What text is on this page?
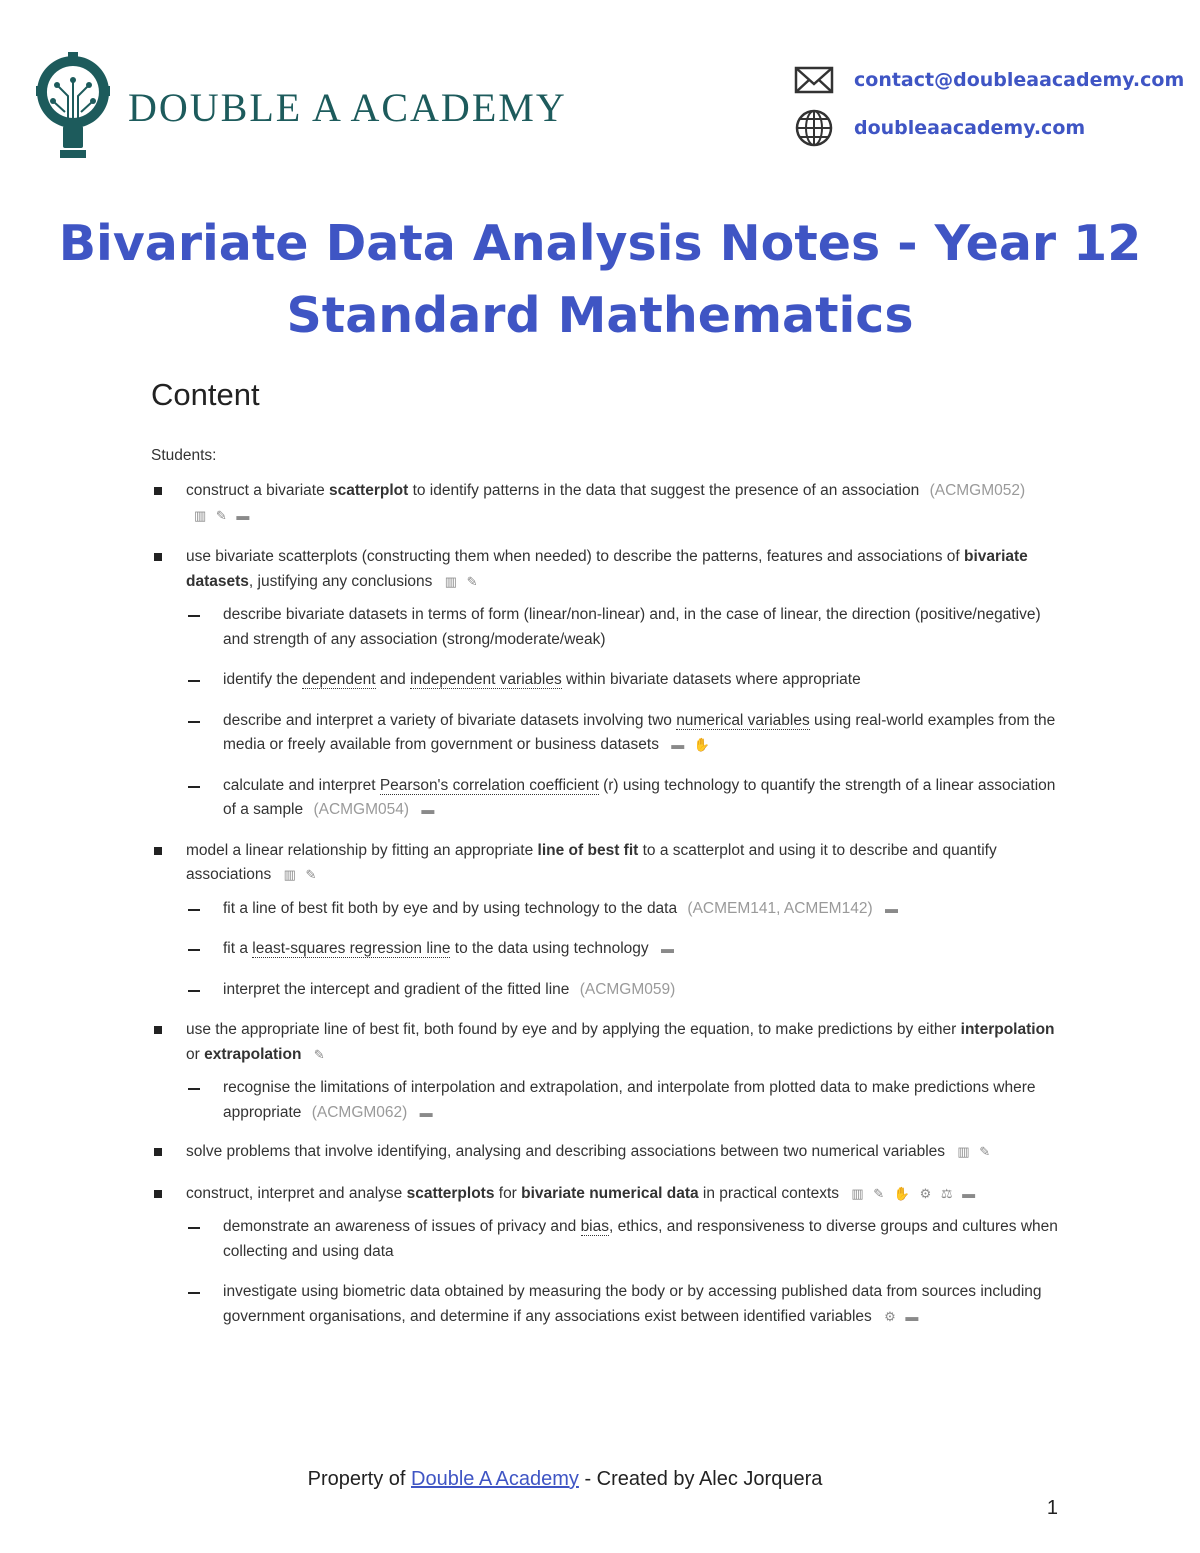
DOUBLE A ACADEMY
contact@doubleaacademy.com
doubleaacademy.com
Bivariate Data Analysis Notes - Year 12
Standard Mathematics
Content
Students:
construct a bivariate scatterplot to identify patterns in the data that suggest the presence of an association (ACMGM052) ▥ ✎ ▬
use bivariate scatterplots (constructing them when needed) to describe the patterns, features and associations of bivariate datasets, justifying any conclusions ▥ ✎
describe bivariate datasets in terms of form (linear/non-linear) and, in the case of linear, the direction (positive/negative) and strength of any association (strong/moderate/weak)
identify the dependent and independent variables within bivariate datasets where appropriate
describe and interpret a variety of bivariate datasets involving two numerical variables using real-world examples from the media or freely available from government or business datasets ▬ ✋
calculate and interpret Pearson's correlation coefficient (r) using technology to quantify the strength of a linear association of a sample (ACMGM054) ▬
model a linear relationship by fitting an appropriate line of best fit to a scatterplot and using it to describe and quantify associations ▥ ✎
fit a line of best fit both by eye and by using technology to the data (ACMEM141, ACMEM142) ▬
fit a least-squares regression line to the data using technology ▬
interpret the intercept and gradient of the fitted line (ACMGM059)
use the appropriate line of best fit, both found by eye and by applying the equation, to make predictions by either interpolation or extrapolation ✎
recognise the limitations of interpolation and extrapolation, and interpolate from plotted data to make predictions where appropriate (ACMGM062) ▬
solve problems that involve identifying, analysing and describing associations between two numerical variables ▥ ✎
construct, interpret and analyse scatterplots for bivariate numerical data in practical contexts ▥ ✎ ✋ ⚙ ⚖ ▬
demonstrate an awareness of issues of privacy and bias, ethics, and responsiveness to diverse groups and cultures when collecting and using data
investigate using biometric data obtained by measuring the body or by accessing published data from sources including government organisations, and determine if any associations exist between identified variables ⚙ ▬
Property of Double A Academy - Created by Alec Jorquera
1
